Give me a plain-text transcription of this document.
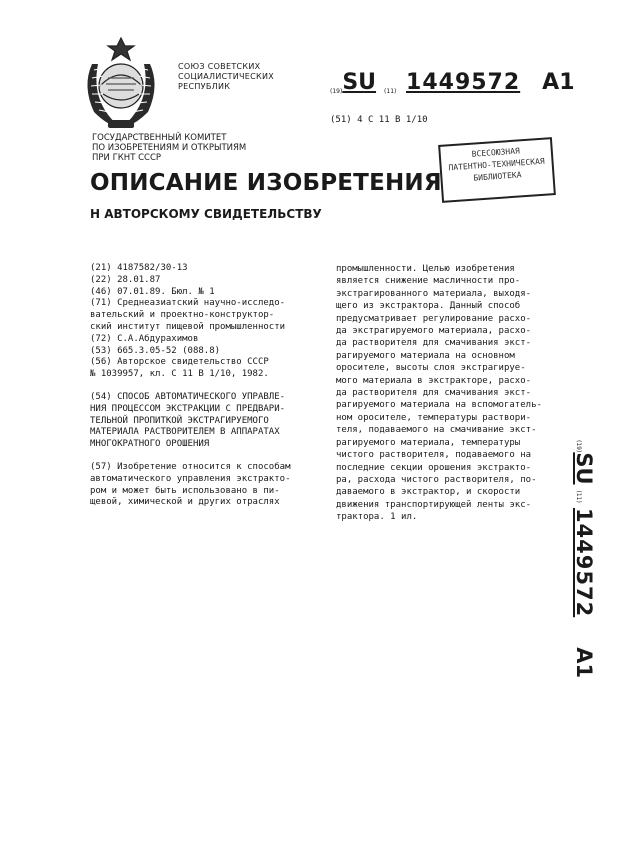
СОЮЗ СОВЕТСКИХ
СОЦИАЛИСТИЧЕСКИХ
РЕСПУБЛИК
(19)SU (11) 1449572 A1
(51) 4 С 11 В 1/10
ГОСУДАРСТВЕННЫЙ КОМИТЕТ
ПО ИЗОБРЕТЕНИЯМ И ОТКРЫТИЯМ
ПРИ ГКНТ СССР	ВСЕСОЮЗНАЯ
ПАТЕНТНО-ТЕХНИЧЕСКАЯ
БИБЛИОТЕКА
ОПИСАНИЕ ИЗОБРЕТЕНИЯ
Н АВТОРСКОМУ СВИДЕТЕЛЬСТВУ
(21) 4187582/30-13
(22) 28.01.87
(46) 07.01.89. Бюл. № 1
(71) Среднеазиатский научно-исследо-
вательский и проектно-конструктор-
ский институт пищевой промышленности
(72) С.А.Абдурахимов
(53) 665.3.05-52 (088.8)
(56) Авторское свидетельство СССР
№ 1039957, кл. С 11 В 1/10, 1982.
(54) СПОСОБ АВТОМАТИЧЕСКОГО УПРАВЛЕ-
НИЯ ПРОЦЕССОМ ЭКСТРАКЦИИ С ПРЕДВАРИ-
ТЕЛЬНОЙ ПРОПИТКОЙ ЭКСТРАГИРУЕМОГО
МАТЕРИАЛА РАСТВОРИТЕЛЕМ В АППАРАТАХ
МНОГОКРАТНОГО ОРОШЕНИЯ
(57) Изобретение относится к способам
автоматического управления экстракто-
ром и может быть использовано в пи-
щевой, химической и других отраслях
промышленности. Целью изобретения
является снижение масличности про-
экстрагированного материала, выходя-
щего из экстрактора. Данный способ
предусматривает регулирование расхо-
да экстрагируемого материала, расхо-
да растворителя для смачивания экст-
рагируемого материала на основном
оросителе, высоты слоя экстрагируе-
мого материала в экстракторе, расхо-
да растворителя для смачивания экст-
рагируемого материала на вспомогатель-
ном оросителе, температуры раствори-
теля, подаваемого на смачивание экст-
рагируемого материала, температуры
чистого растворителя, подаваемого на
последние секции орошения экстракто-
ра, расхода чистого растворителя, по-
даваемого в экстрактор, и скорости
движения транспортирующей ленты экс-
трактора. 1 ил.
(19)SU(11) 1449572A1
